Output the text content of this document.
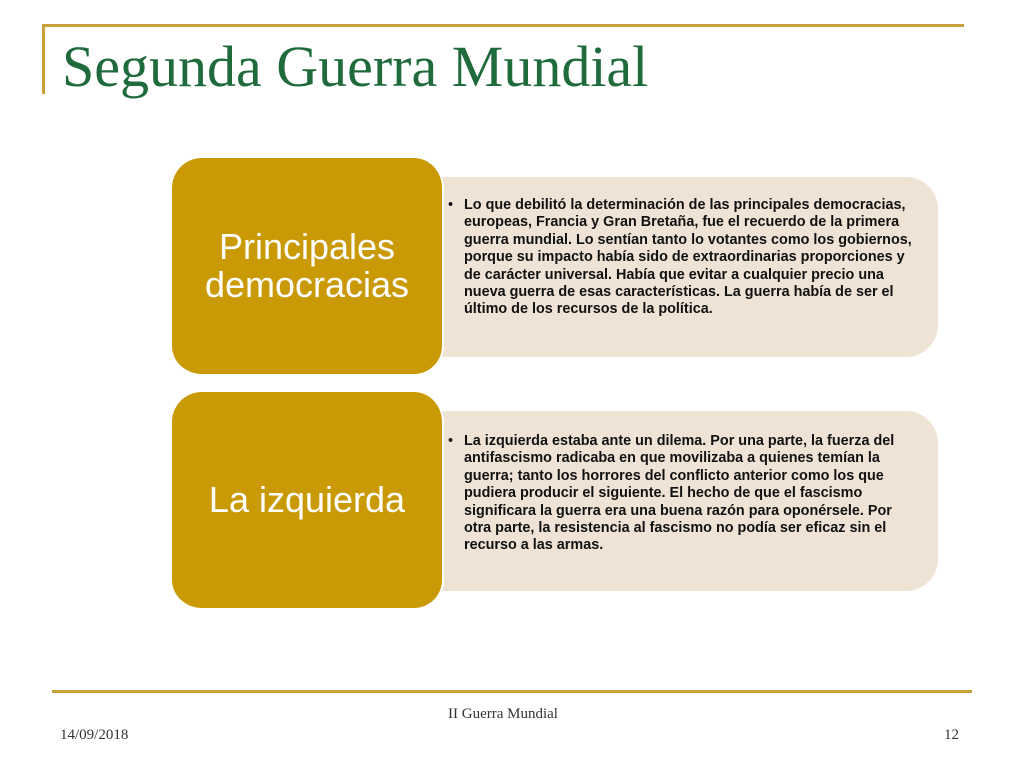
Segunda Guerra Mundial
• Lo que debilitó la determinación de las principales democracias, europeas, Francia y Gran Bretaña, fue el recuerdo de la primera guerra mundial. Lo sentían tanto lo votantes como los gobiernos, porque su impacto había sido de extraordinarias proporciones y de carácter universal. Había que evitar a cualquier precio una nueva guerra de esas características. La guerra había de ser el último de los recursos de la política.
Principales
democracias
• La izquierda estaba ante un dilema. Por una parte, la fuerza del antifascismo radicaba en que movilizaba a quienes temían la guerra; tanto los horrores del conflicto anterior como los que pudiera producir el siguiente. El hecho de que el fascismo significara la guerra era una buena razón para oponérsele. Por otra parte, la resistencia al fascismo no podía ser eficaz sin el recurso a las armas.
La izquierda
II Guerra Mundial
14/09/2018	12
